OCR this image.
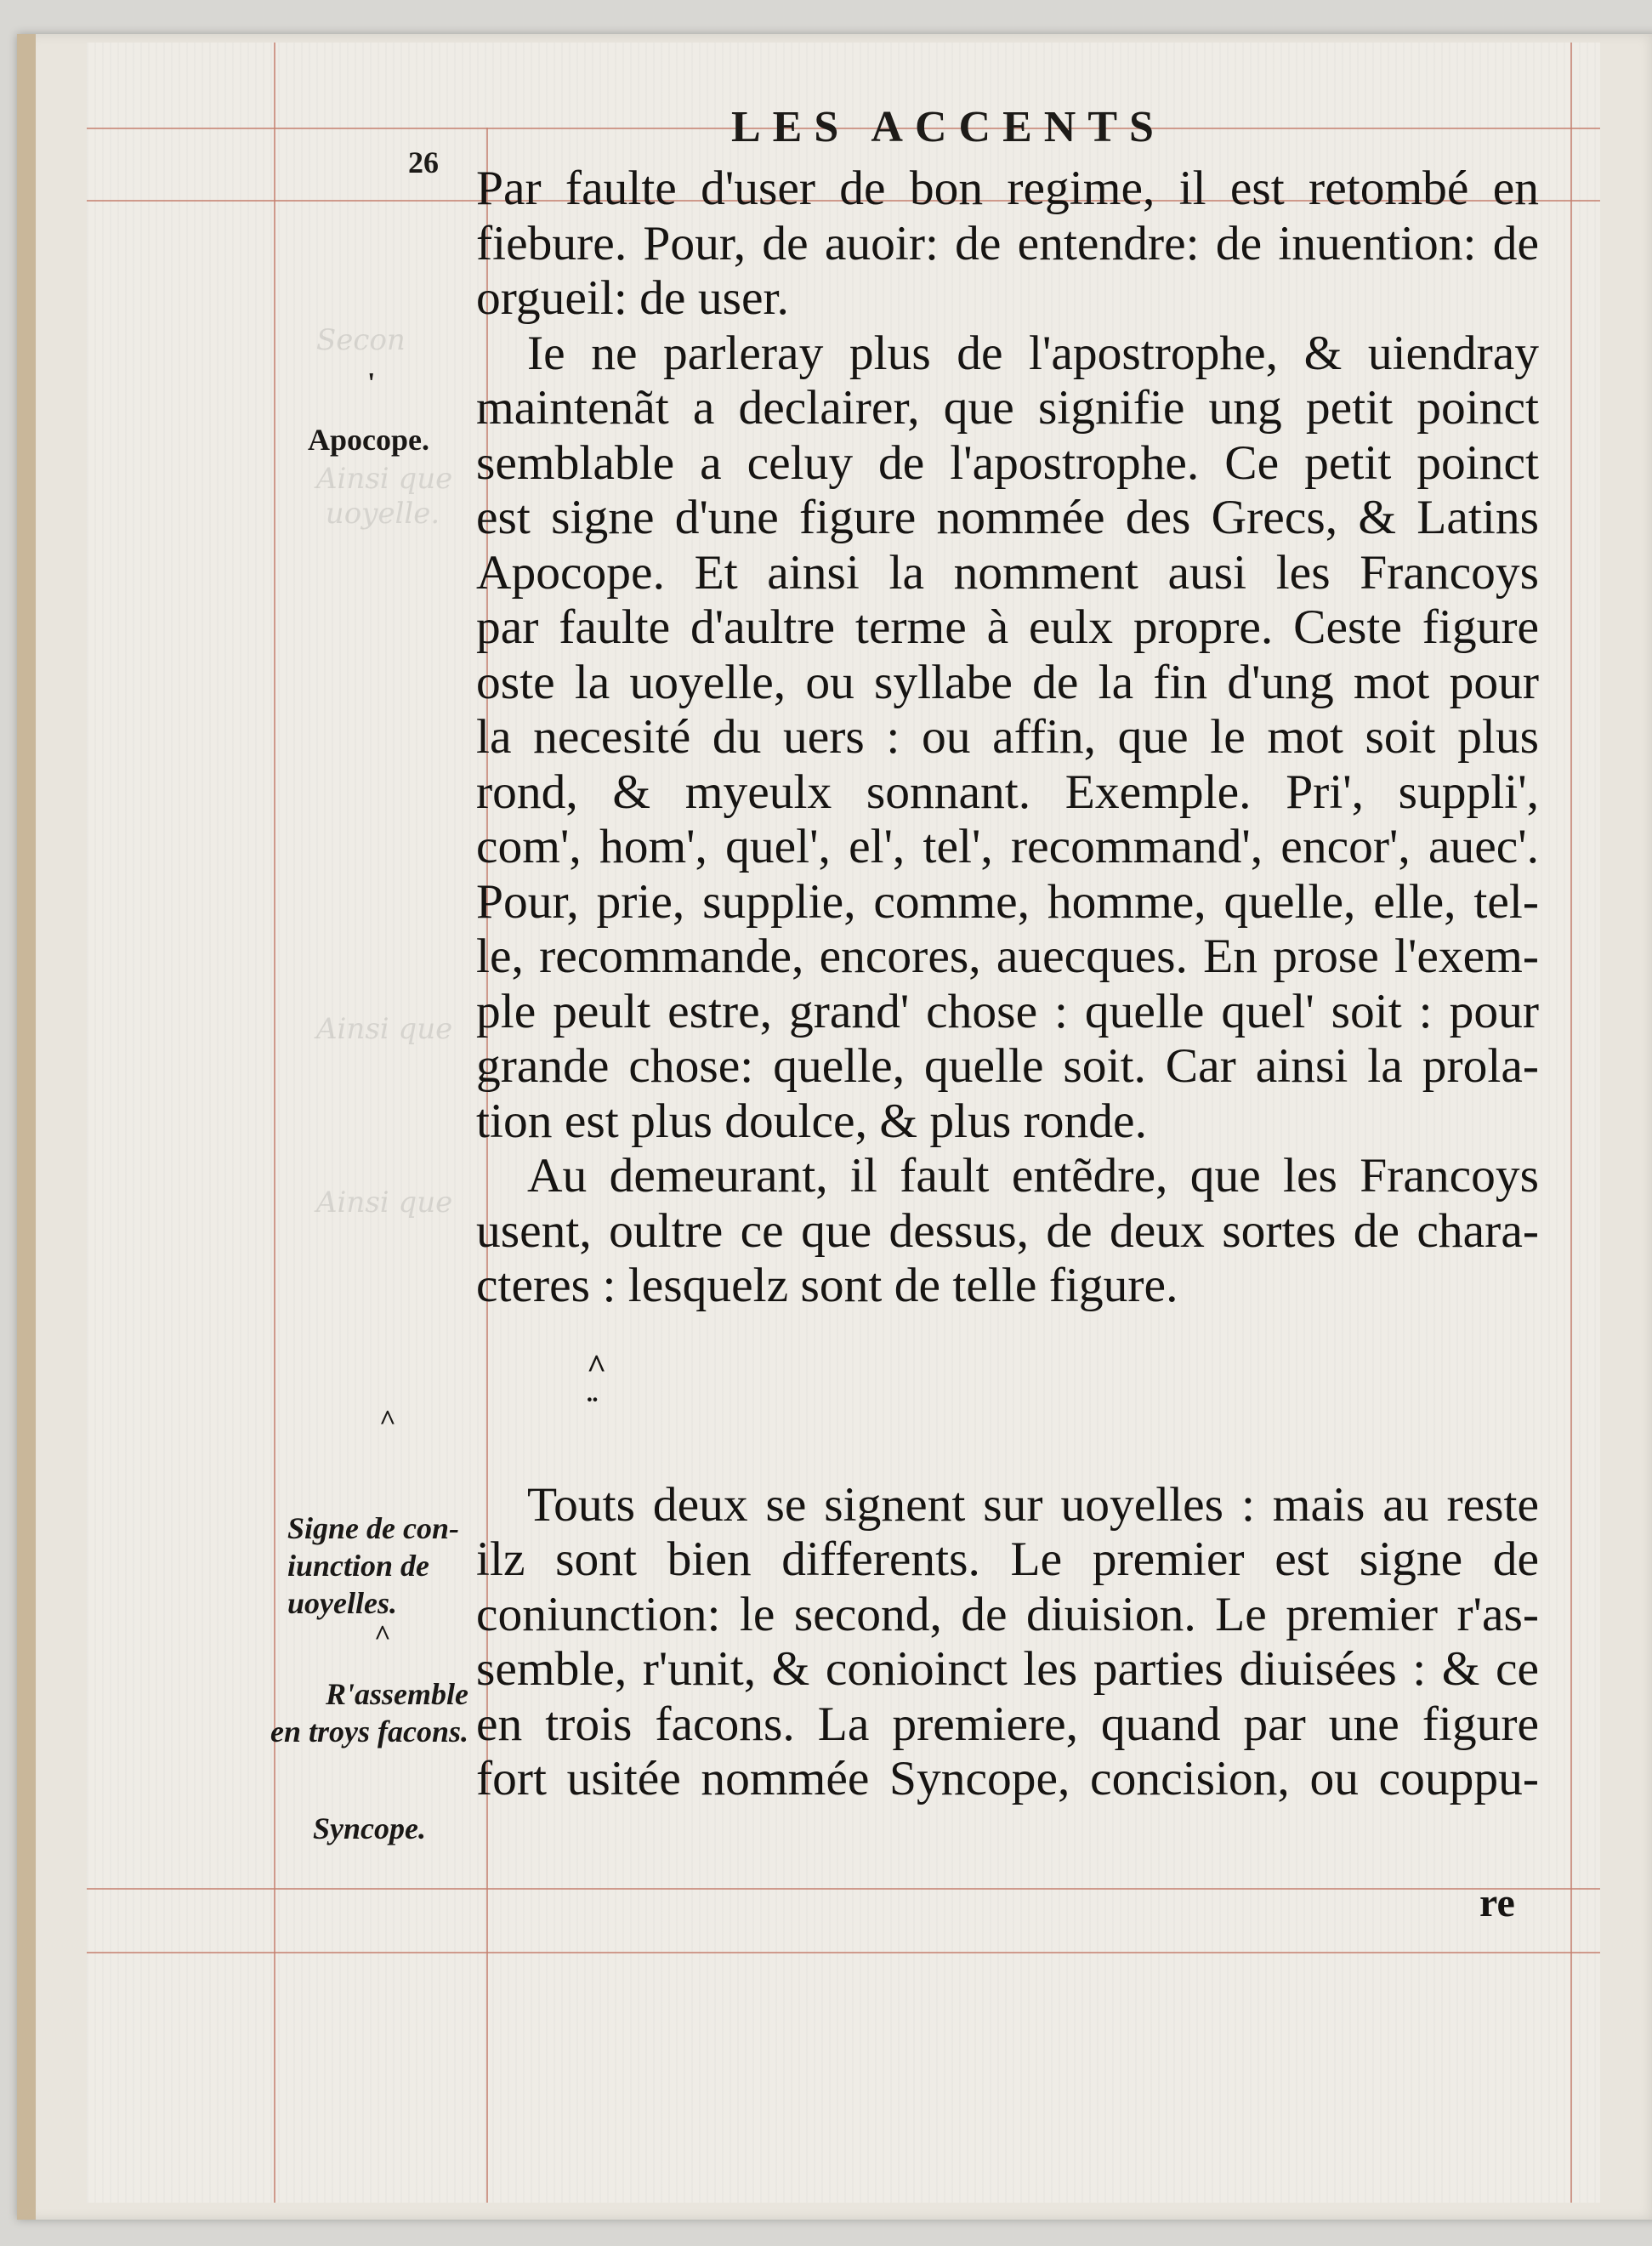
Secon

Ainsi que
uoyelle.
Ainsi que

Ainsi que
26
LES ACCENTS
Par faulte d'user de bon regime, il est retombé en
fiebure. Pour, de auoir: de entendre: de inuention: de
orgueil: de user.
Ie ne parleray plus de l'apostrophe, & uiendray
maintenãt a declairer, que signifie ung petit poinct
semblable a celuy de l'apostrophe. Ce petit poinct
est signe d'une figure nommée des Grecs, & Latins
Apocope. Et ainsi la nomment ausi les Francoys
par faulte d'aultre terme à eulx propre. Ceste figure
oste la uoyelle, ou syllabe de la fin d'ung mot pour
la necesité du uers : ou affin, que le mot soit plus
rond, & myeulx sonnant. Exemple. Pri', suppli',
com', hom', quel', el', tel', recommand', encor', auec'.
Pour, prie, supplie, comme, homme, quelle, elle, tel-
le, recommande, encores, auecques. En prose l'exem-
ple peult estre, grand' chose : quelle quel' soit : pour
grande chose: quelle, quelle soit. Car ainsi la prola-
tion est plus doulce, & plus ronde.
Au demeurant, il fault entẽdre, que les Francoys
usent, oultre ce que dessus, de deux sortes de chara-
cteres : lesquelz sont de telle figure.
^
¨
Touts deux se signent sur uoyelles : mais au reste
ilz sont bien differents. Le premier est signe de
coniunction: le second, de diuision. Le premier r'as-
semble, r'unit, & conioinct les parties diuisées : & ce
en trois facons. La premiere, quand par une figure
fort usitée nommée Syncope, concision, ou couppu-
'
Apocope.
^
Signe de con-
iunction de
uoyelles.
^
R'assemble
en troys facons.
Syncope.
re
